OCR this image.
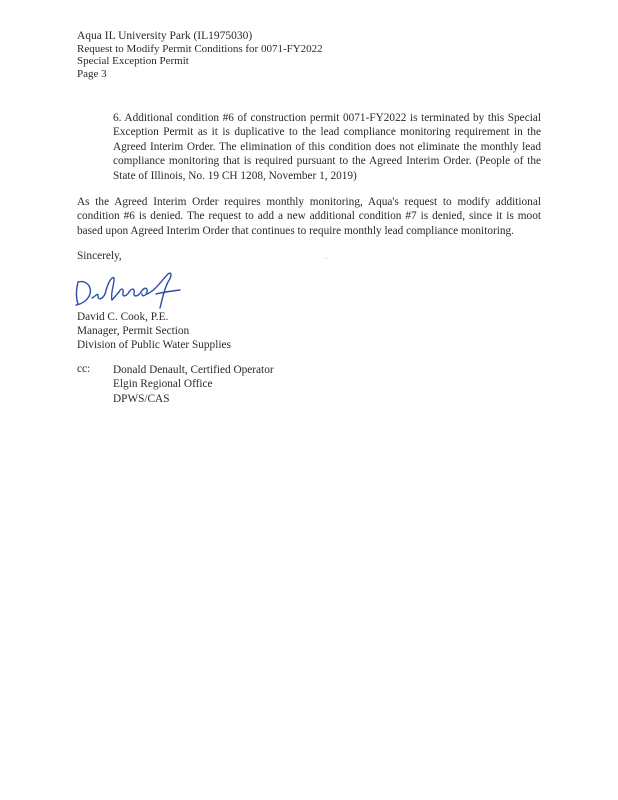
Aqua IL University Park (IL1975030)
Request to Modify Permit Conditions for 0071-FY2022
Special Exception Permit
Page 3
6. Additional condition #6 of construction permit 0071-FY2022 is terminated by this Special Exception Permit as it is duplicative to the lead compliance monitoring requirement in the Agreed Interim Order. The elimination of this condition does not eliminate the monthly lead compliance monitoring that is required pursuant to the Agreed Interim Order. (People of the State of Illinois, No. 19 CH 1208, November 1, 2019)
As the Agreed Interim Order requires monthly monitoring, Aqua's request to modify additional condition #6 is denied. The request to add a new additional condition #7 is denied, since it is moot based upon Agreed Interim Order that continues to require monthly lead compliance monitoring.
Sincerely,
David C. Cook, P.E.
Manager, Permit Section
Division of Public Water Supplies
cc: Donald Denault, Certified Operator
Elgin Regional Office
DPWS/CAS
